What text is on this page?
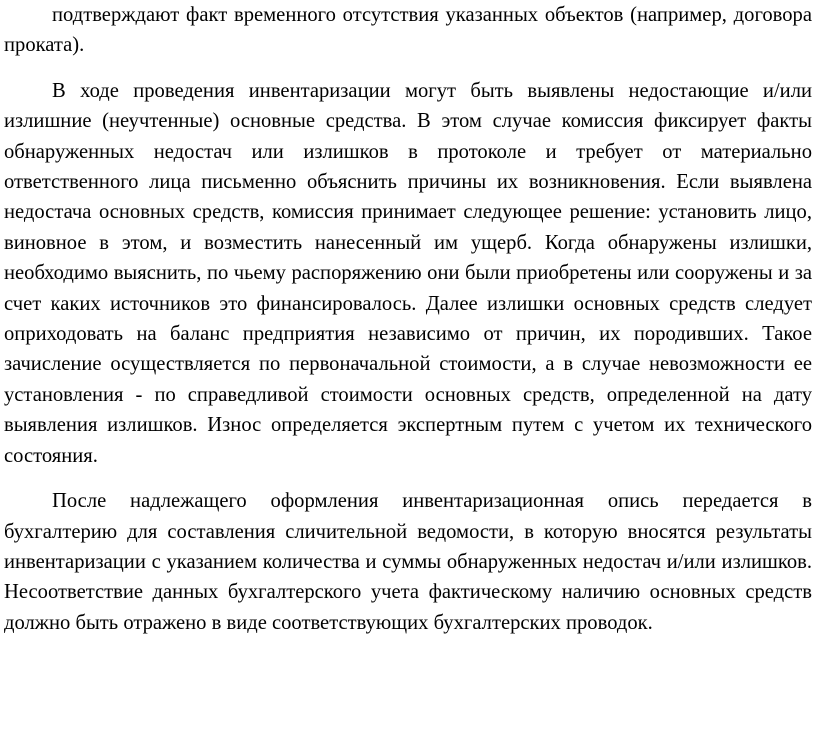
подтверждают факт временного отсутствия указанных объектов (например, договора проката).

В ходе проведения инвентаризации могут быть выявлены недостающие и/или излишние (неучтенные) основные средства. В этом случае комиссия фиксирует факты обнаруженных недостач или излишков в протоколе и требует от материально ответственного лица письменно объяснить причины их возникновения. Если выявлена недостача основных средств, комиссия принимает следующее решение: установить лицо, виновное в этом, и возместить нанесенный им ущерб. Когда обнаружены излишки, необходимо выяснить, по чьему распоряжению они были приобретены или сооружены и за счет каких источников это финансировалось. Далее излишки основных средств следует оприходовать на баланс предприятия независимо от причин, их породивших. Такое зачисление осуществляется по первоначальной стоимости, а в случае невозможности ее установления - по справедливой стоимости основных средств, определенной на дату выявления излишков. Износ определяется экспертным путем с учетом их технического состояния.

После надлежащего оформления инвентаризационная опись передается в бухгалтерию для составления сличительной ведомости, в которую вносятся результаты инвентаризации с указанием количества и суммы обнаруженных недостач и/или излишков. Несоответствие данных бухгалтерского учета фактическому наличию основных средств должно быть отражено в виде соответствующих бухгалтерских проводок.
